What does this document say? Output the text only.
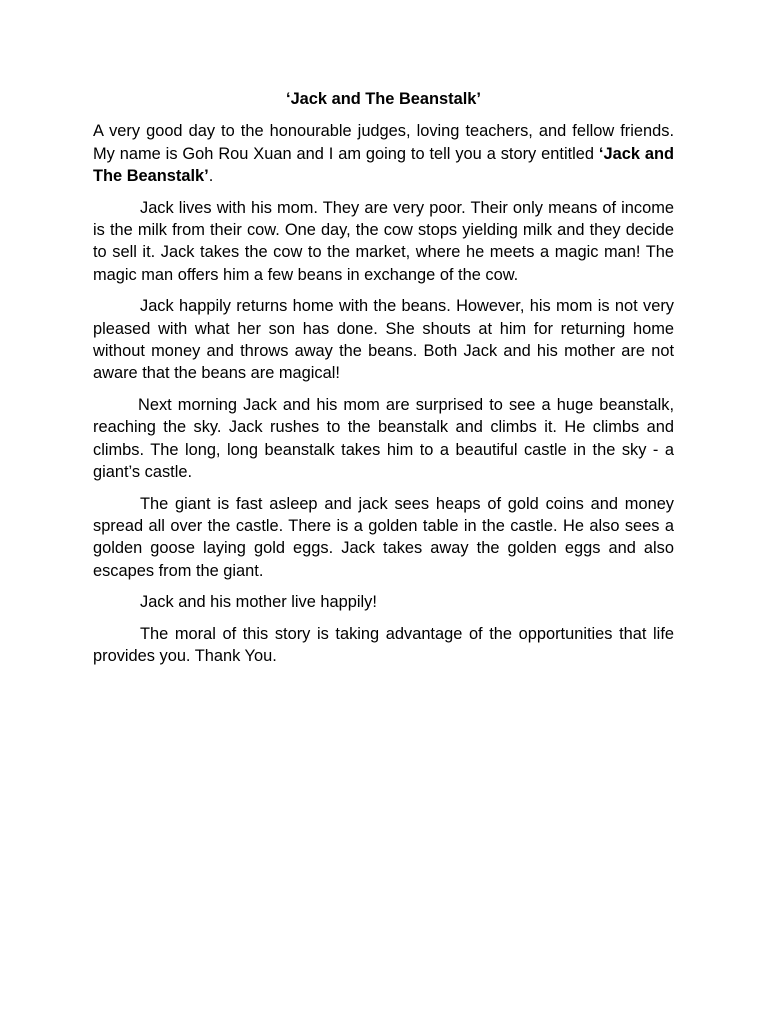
‘Jack and The Beanstalk’

A very good day to the honourable judges, loving teachers, and fellow friends. My name is Goh Rou Xuan and I am going to tell you a story entitled ‘Jack and The Beanstalk’.

Jack lives with his mom. They are very poor. Their only means of income is the milk from their cow. One day, the cow stops yielding milk and they decide to sell it. Jack takes the cow to the market, where he meets a magic man! The magic man offers him a few beans in exchange of the cow.

Jack happily returns home with the beans. However, his mom is not very pleased with what her son has done. She shouts at him for returning home without money and throws away the beans. Both Jack and his mother are not aware that the beans are magical!

Next morning Jack and his mom are surprised to see a huge beanstalk, reaching the sky. Jack rushes to the beanstalk and climbs it. He climbs and climbs. The long, long beanstalk takes him to a beautiful castle in the sky - a giant’s castle.

The giant is fast asleep and jack sees heaps of gold coins and money spread all over the castle. There is a golden table in the castle. He also sees a golden goose laying gold eggs. Jack takes away the golden eggs and also escapes from the giant.

Jack and his mother live happily!

The moral of this story is taking advantage of the opportunities that life provides you. Thank You.
